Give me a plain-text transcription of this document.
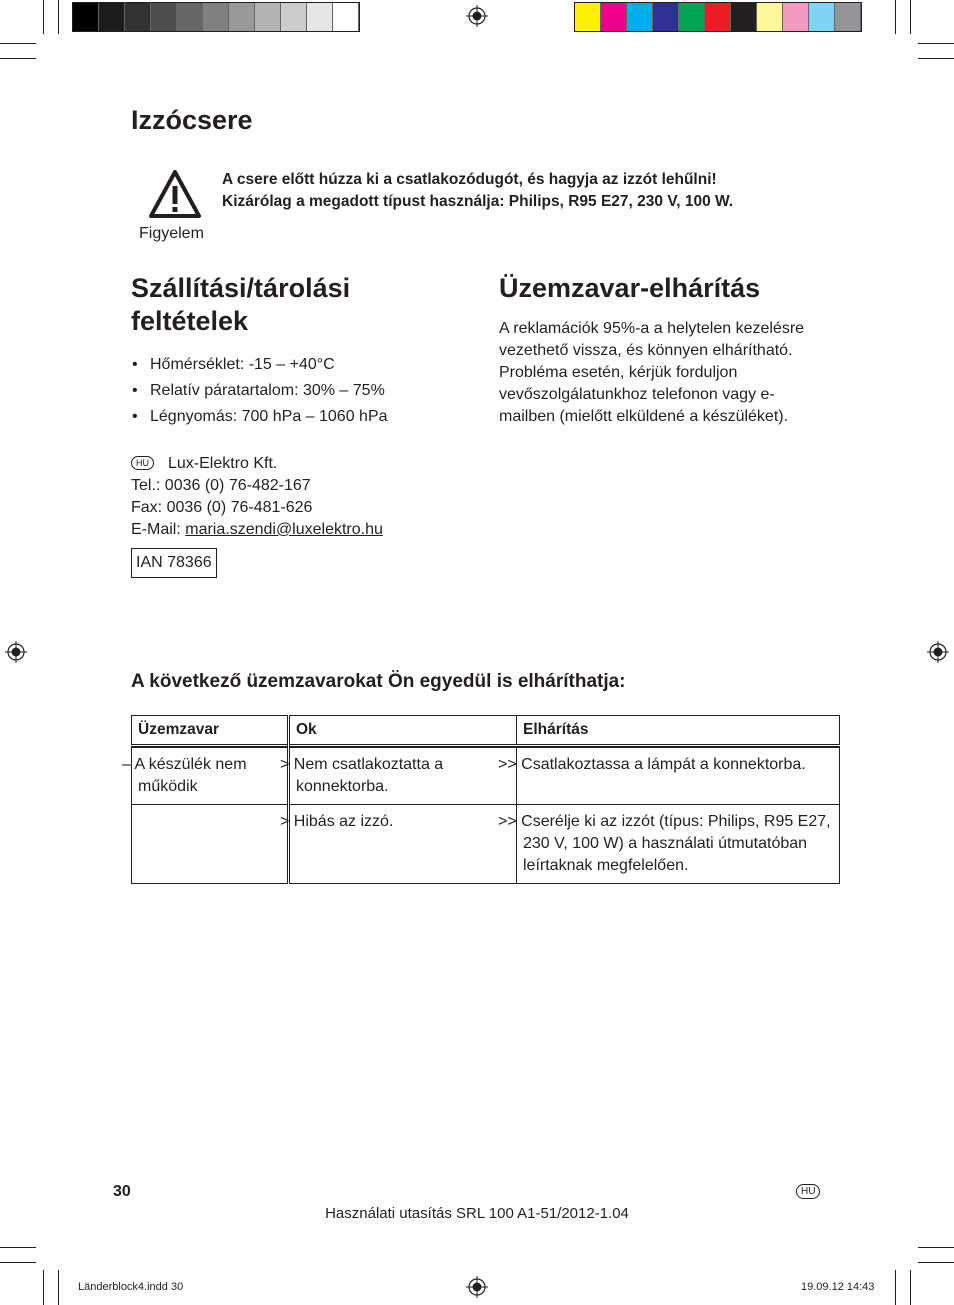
Izzócsere
Figyelem
A csere előtt húzza ki a csatlakozódugót, és hagyja az izzót lehűlni!
Kizárólag a megadott típust használja: Philips, R95 E27, 230 V, 100 W.
Szállítási/tárolási
feltételek
• Hőmérséklet: -15 – +40°C
• Relatív páratartalom: 30% – 75%
• Légnyomás: 700 hPa – 1060 hPa
HU Lux-Elektro Kft.
Tel.: 0036 (0) 76-482-167
Fax: 0036 (0) 76-481-626
E-Mail: maria.szendi@luxelektro.hu
IAN 78366
Üzemzavar-elhárítás
A reklamációk 95%-a a helytelen kezelésre
vezethető vissza, és könnyen elhárítható.
Probléma esetén, kérjük forduljon
vevőszolgálatunkhoz telefonon vagy e-
mailben (mielőtt elküldené a készüléket).
A következő üzemzavarokat Ön egyedül is elháríthatja:
Üzemzavar	Ok	Elhárítás

– A készülék nem működik	> Nem csatlakoztatta a konnektorba.	>> Csatlakoztassa a lámpát a konnektorba.
	> Hibás az izzó.	>> Cserélje ki az izzót (típus: Philips, R95 E27, 230 V, 100 W) a használati útmutatóban leírtaknak megfelelően.
30	HU
Használati utasítás SRL 100 A1-51/2012-1.04
Länderblock4.indd 30	19.09.12 14:43
